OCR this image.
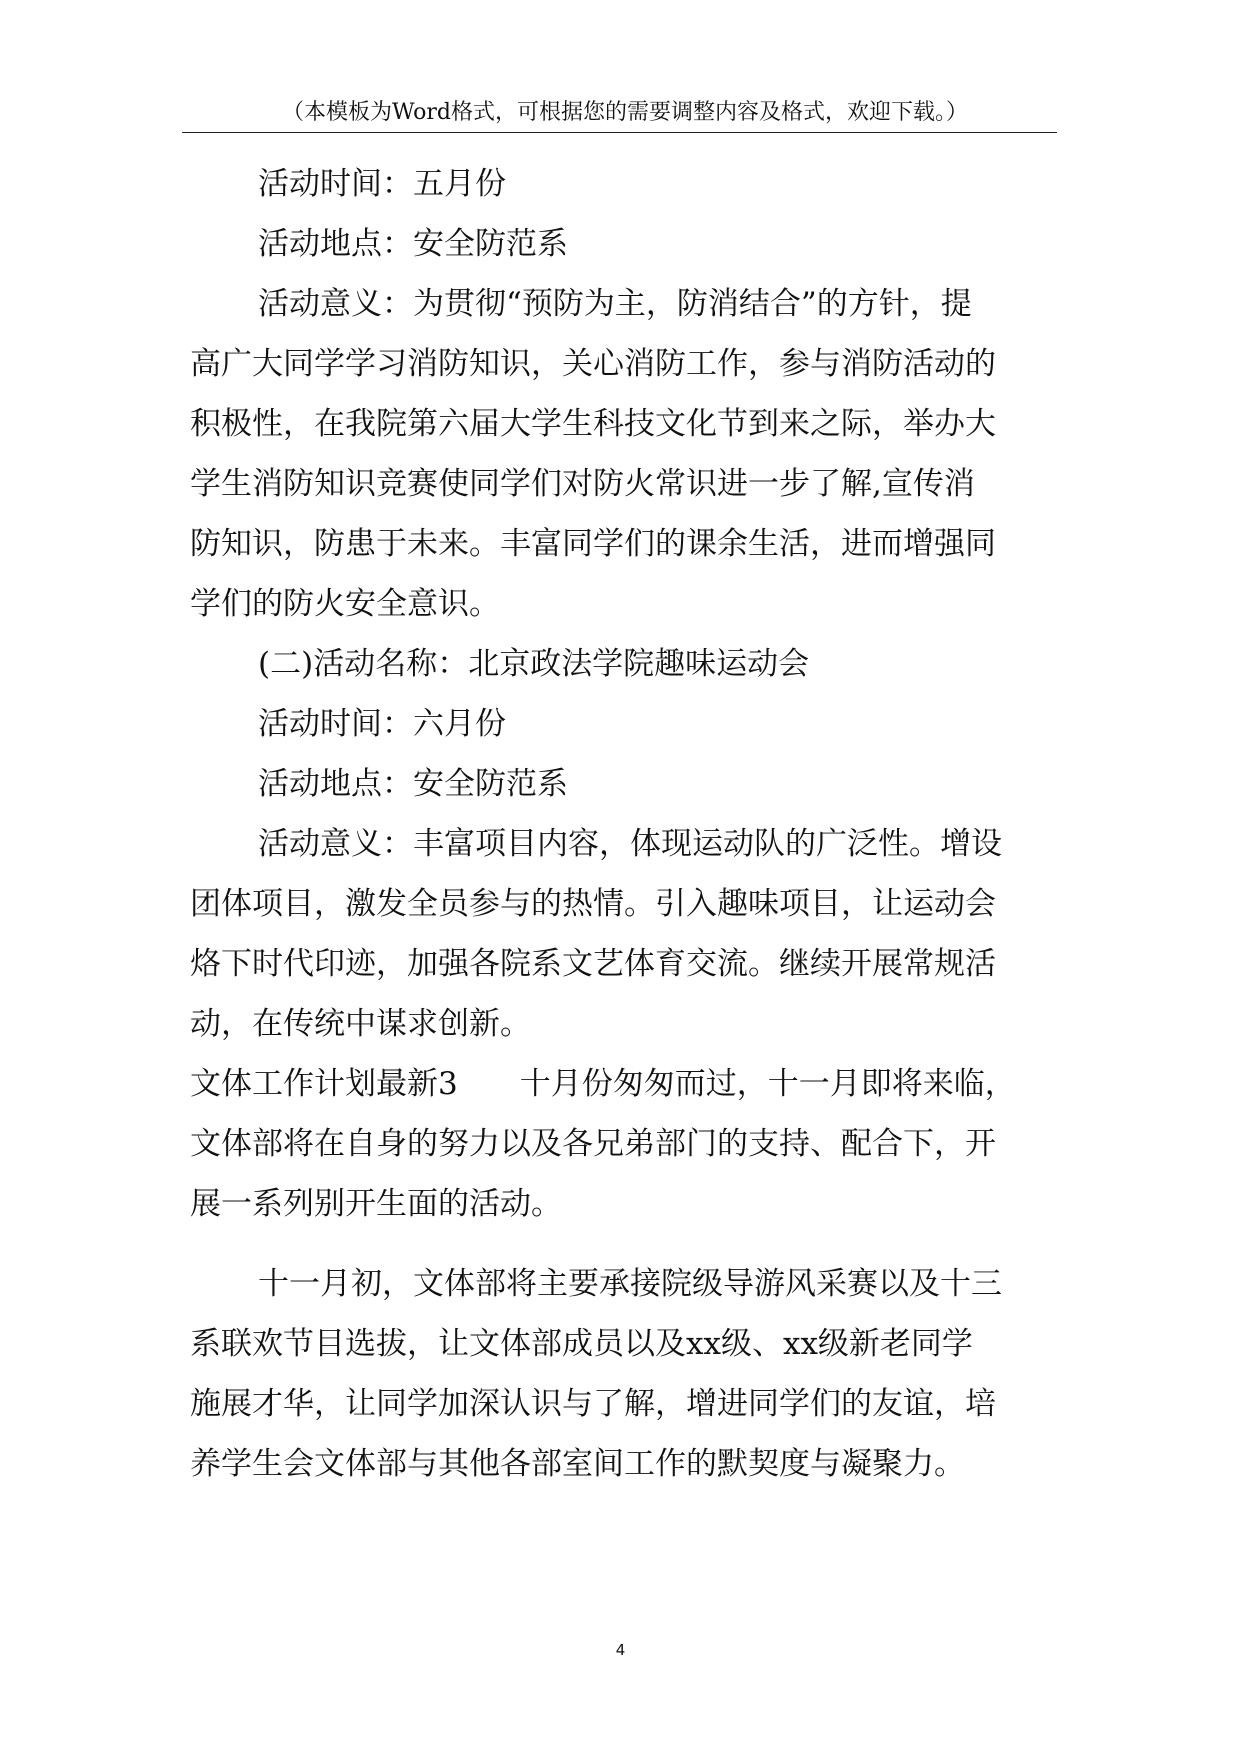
（本模板为Word格式，可根据您的需要调整内容及格式，欢迎下载。）
活动时间：五月份
活动地点：安全防范系
活动意义：为贯彻“预防为主，防消结合”的方针，提
高广大同学学习消防知识，关心消防工作，参与消防活动的
积极性，在我院第六届大学生科技文化节到来之际，举办大
学生消防知识竞赛使同学们对防火常识进一步了解,宣传消
防知识，防患于未来。丰富同学们的课余生活，进而增强同
学们的防火安全意识。
(二)活动名称：北京政法学院趣味运动会
活动时间：六月份
活动地点：安全防范系
活动意义：丰富项目内容，体现运动队的广泛性。增设
团体项目，激发全员参与的热情。引入趣味项目，让运动会
烙下时代印迹，加强各院系文艺体育交流。继续开展常规活
动，在传统中谋求创新。
文体工作计划最新3　　十月份匆匆而过，十一月即将来临，
文体部将在自身的努力以及各兄弟部门的支持、配合下，开
展一系列别开生面的活动。
十一月初，文体部将主要承接院级导游风采赛以及十三
系联欢节目选拔，让文体部成员以及xx级、xx级新老同学
施展才华，让同学加深认识与了解，增进同学们的友谊，培
养学生会文体部与其他各部室间工作的默契度与凝聚力。
4
